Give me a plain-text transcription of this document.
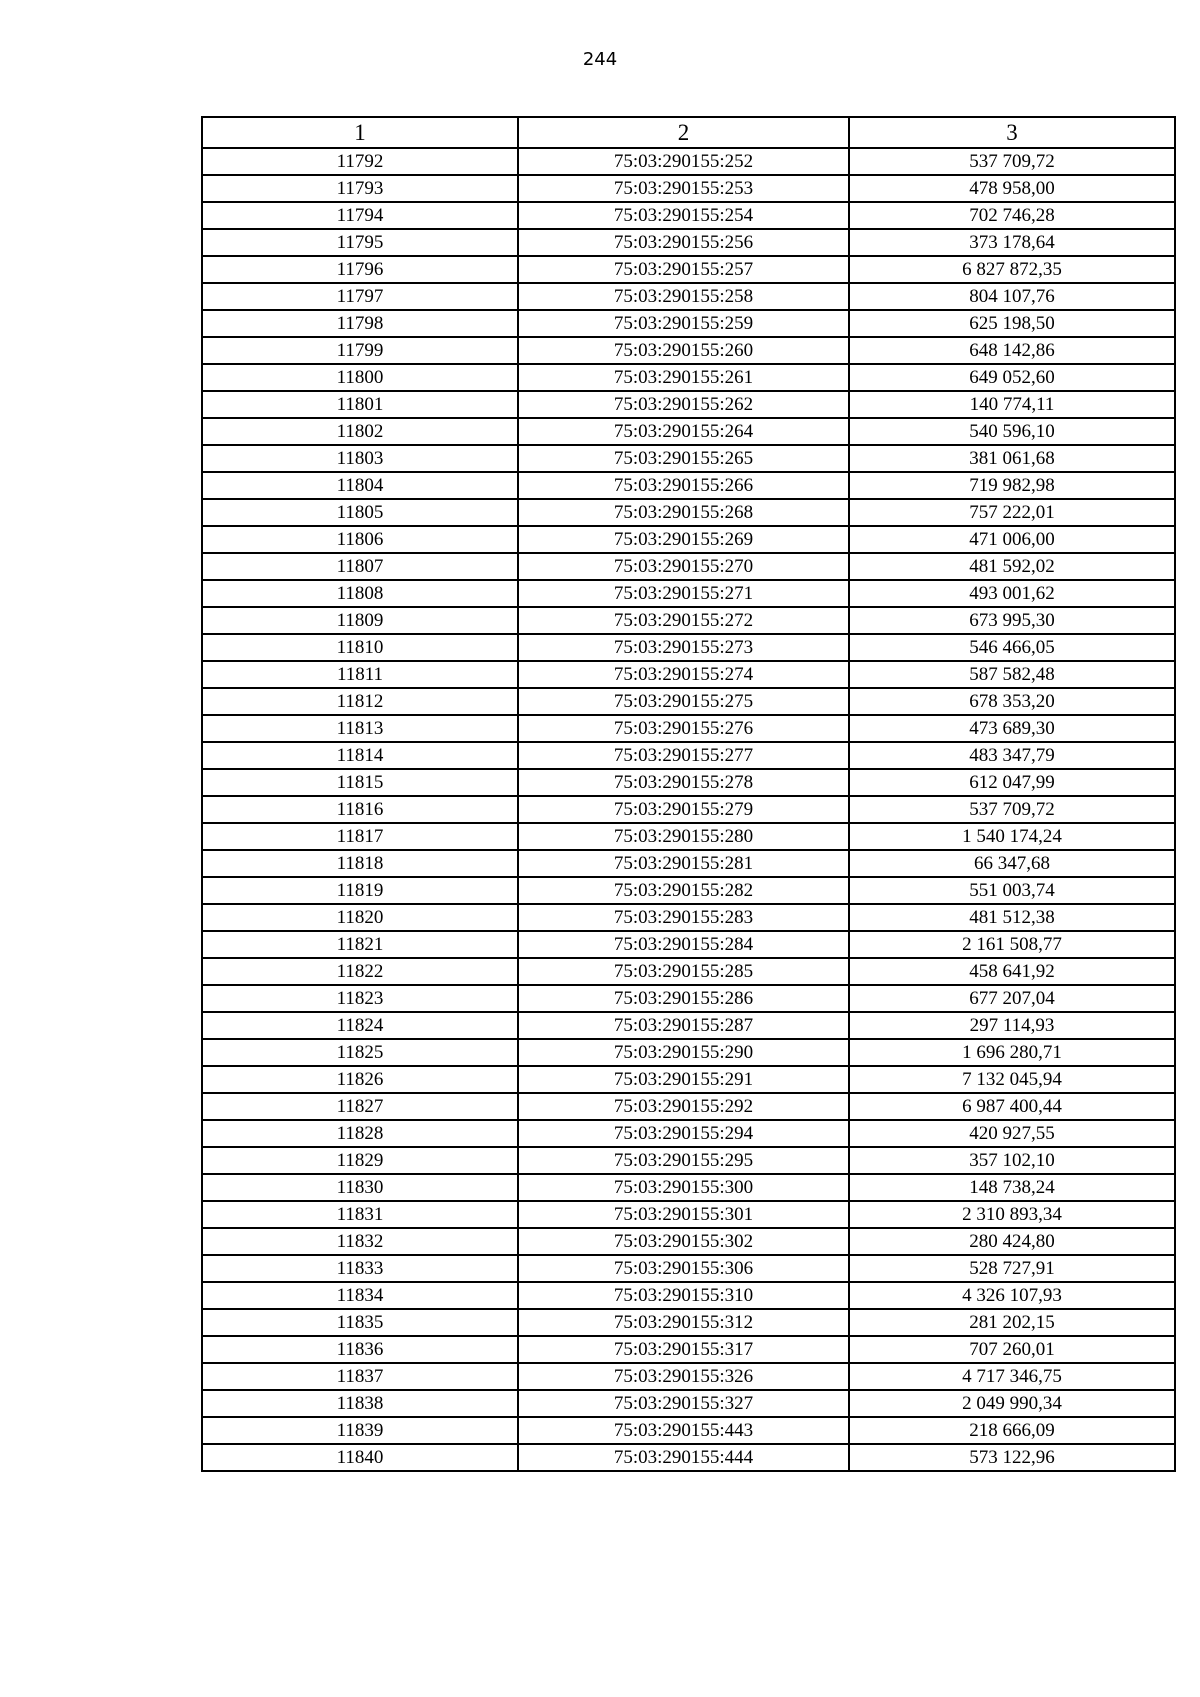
244
1	2	3
11792	75:03:290155:252	537 709,72
11793	75:03:290155:253	478 958,00
11794	75:03:290155:254	702 746,28
11795	75:03:290155:256	373 178,64
11796	75:03:290155:257	6 827 872,35
11797	75:03:290155:258	804 107,76
11798	75:03:290155:259	625 198,50
11799	75:03:290155:260	648 142,86
11800	75:03:290155:261	649 052,60
11801	75:03:290155:262	140 774,11
11802	75:03:290155:264	540 596,10
11803	75:03:290155:265	381 061,68
11804	75:03:290155:266	719 982,98
11805	75:03:290155:268	757 222,01
11806	75:03:290155:269	471 006,00
11807	75:03:290155:270	481 592,02
11808	75:03:290155:271	493 001,62
11809	75:03:290155:272	673 995,30
11810	75:03:290155:273	546 466,05
11811	75:03:290155:274	587 582,48
11812	75:03:290155:275	678 353,20
11813	75:03:290155:276	473 689,30
11814	75:03:290155:277	483 347,79
11815	75:03:290155:278	612 047,99
11816	75:03:290155:279	537 709,72
11817	75:03:290155:280	1 540 174,24
11818	75:03:290155:281	66 347,68
11819	75:03:290155:282	551 003,74
11820	75:03:290155:283	481 512,38
11821	75:03:290155:284	2 161 508,77
11822	75:03:290155:285	458 641,92
11823	75:03:290155:286	677 207,04
11824	75:03:290155:287	297 114,93
11825	75:03:290155:290	1 696 280,71
11826	75:03:290155:291	7 132 045,94
11827	75:03:290155:292	6 987 400,44
11828	75:03:290155:294	420 927,55
11829	75:03:290155:295	357 102,10
11830	75:03:290155:300	148 738,24
11831	75:03:290155:301	2 310 893,34
11832	75:03:290155:302	280 424,80
11833	75:03:290155:306	528 727,91
11834	75:03:290155:310	4 326 107,93
11835	75:03:290155:312	281 202,15
11836	75:03:290155:317	707 260,01
11837	75:03:290155:326	4 717 346,75
11838	75:03:290155:327	2 049 990,34
11839	75:03:290155:443	218 666,09
11840	75:03:290155:444	573 122,96
